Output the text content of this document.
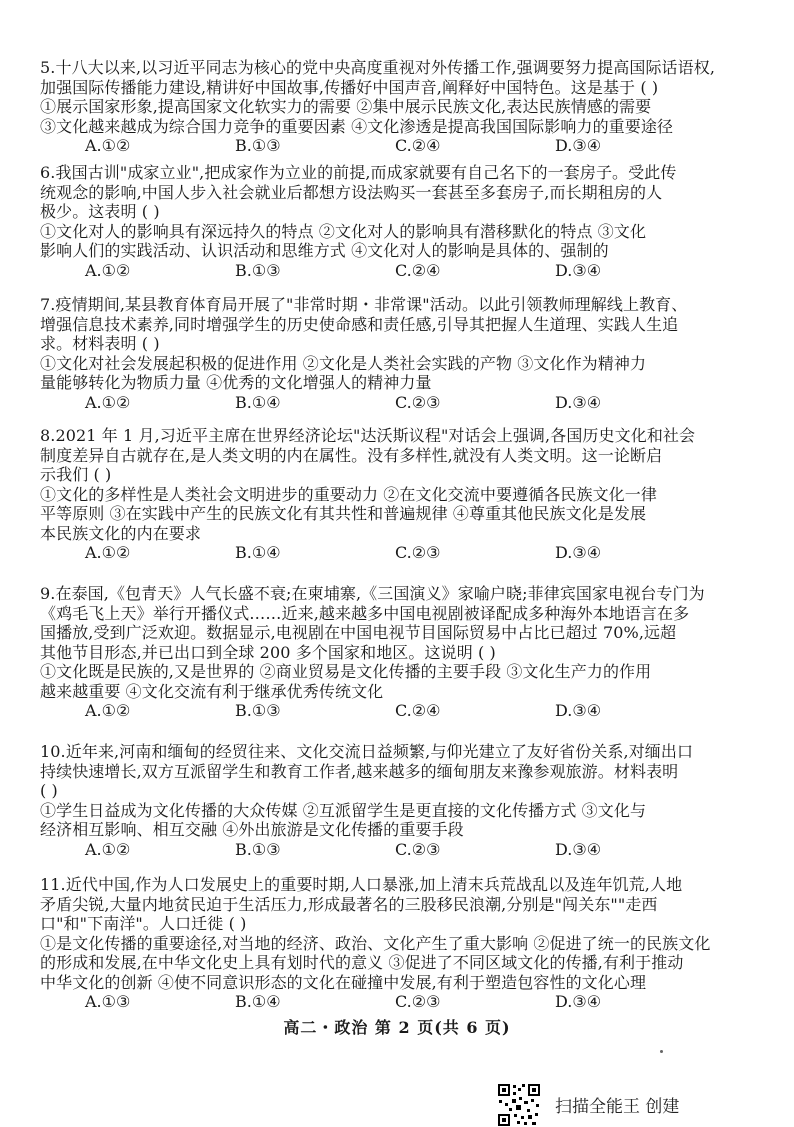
5.十八大以来,以习近平同志为核心的党中央高度重视对外传播工作,强调要努力提高国际话语权,
加强国际传播能力建设,精讲好中国故事,传播好中国声音,阐释好中国特色。这是基于 ( )
①展示国家形象,提高国家文化软实力的需要 ②集中展示民族文化,表达民族情感的需要
③文化越来越成为综合国力竞争的重要因素 ④文化渗透是提高我国国际影响力的重要途径
A.①②	B.①③	C.②④	D.③④
6.我国古训"成家立业",把成家作为立业的前提,而成家就要有自己名下的一套房子。受此传
统观念的影响,中国人步入社会就业后都想方设法购买一套甚至多套房子,而长期租房的人
极少。这表明 ( )
①文化对人的影响具有深远持久的特点 ②文化对人的影响具有潜移默化的特点 ③文化
影响人们的实践活动、认识活动和思维方式 ④文化对人的影响是具体的、强制的
A.①②	B.①③	C.②④	D.③④
7.疫情期间,某县教育体育局开展了"非常时期・非常课"活动。以此引领教师理解线上教育、
增强信息技术素养,同时增强学生的历史使命感和责任感,引导其把握人生道理、实践人生追
求。材料表明 ( )
①文化对社会发展起积极的促进作用 ②文化是人类社会实践的产物 ③文化作为精神力
量能够转化为物质力量 ④优秀的文化增强人的精神力量
A.①②	B.①④	C.②③	D.③④
8.2021 年 1 月,习近平主席在世界经济论坛"达沃斯议程"对话会上强调,各国历史文化和社会
制度差异自古就存在,是人类文明的内在属性。没有多样性,就没有人类文明。这一论断启
示我们 ( )
①文化的多样性是人类社会文明进步的重要动力 ②在文化交流中要遵循各民族文化一律
平等原则 ③在实践中产生的民族文化有其共性和普遍规律 ④尊重其他民族文化是发展
本民族文化的内在要求
A.①②	B.①④	C.②③	D.③④
9.在泰国,《包青天》人气长盛不衰;在柬埔寨,《三国演义》家喻户晓;菲律宾国家电视台专门为
《鸡毛飞上天》举行开播仪式……近来,越来越多中国电视剧被译配成多种海外本地语言在多
国播放,受到广泛欢迎。数据显示,电视剧在中国电视节目国际贸易中占比已超过 70%,远超
其他节目形态,并已出口到全球 200 多个国家和地区。这说明 ( )
①文化既是民族的,又是世界的 ②商业贸易是文化传播的主要手段 ③文化生产力的作用
越来越重要 ④文化交流有利于继承优秀传统文化
A.①②	B.①③	C.②④	D.③④
10.近年来,河南和缅甸的经贸往来、文化交流日益频繁,与仰光建立了友好省份关系,对缅出口
持续快速增长,双方互派留学生和教育工作者,越来越多的缅甸朋友来豫参观旅游。材料表明
( )
①学生日益成为文化传播的大众传媒 ②互派留学生是更直接的文化传播方式 ③文化与
经济相互影响、相互交融 ④外出旅游是文化传播的重要手段
A.①②	B.①③	C.②③	D.③④
11.近代中国,作为人口发展史上的重要时期,人口暴涨,加上清末兵荒战乱以及连年饥荒,人地
矛盾尖锐,大量内地贫民迫于生活压力,形成最著名的三股移民浪潮,分别是"闯关东""走西
口"和"下南洋"。人口迁徙 ( )
①是文化传播的重要途径,对当地的经济、政治、文化产生了重大影响 ②促进了统一的民族文化
的形成和发展,在中华文化史上具有划时代的意义 ③促进了不同区域文化的传播,有利于推动
中华文化的创新 ④使不同意识形态的文化在碰撞中发展,有利于塑造包容性的文化心理
A.①③	B.①④	C.②③	D.③④
高二・政治 第 2 页(共 6 页)
扫描全能王 创建
